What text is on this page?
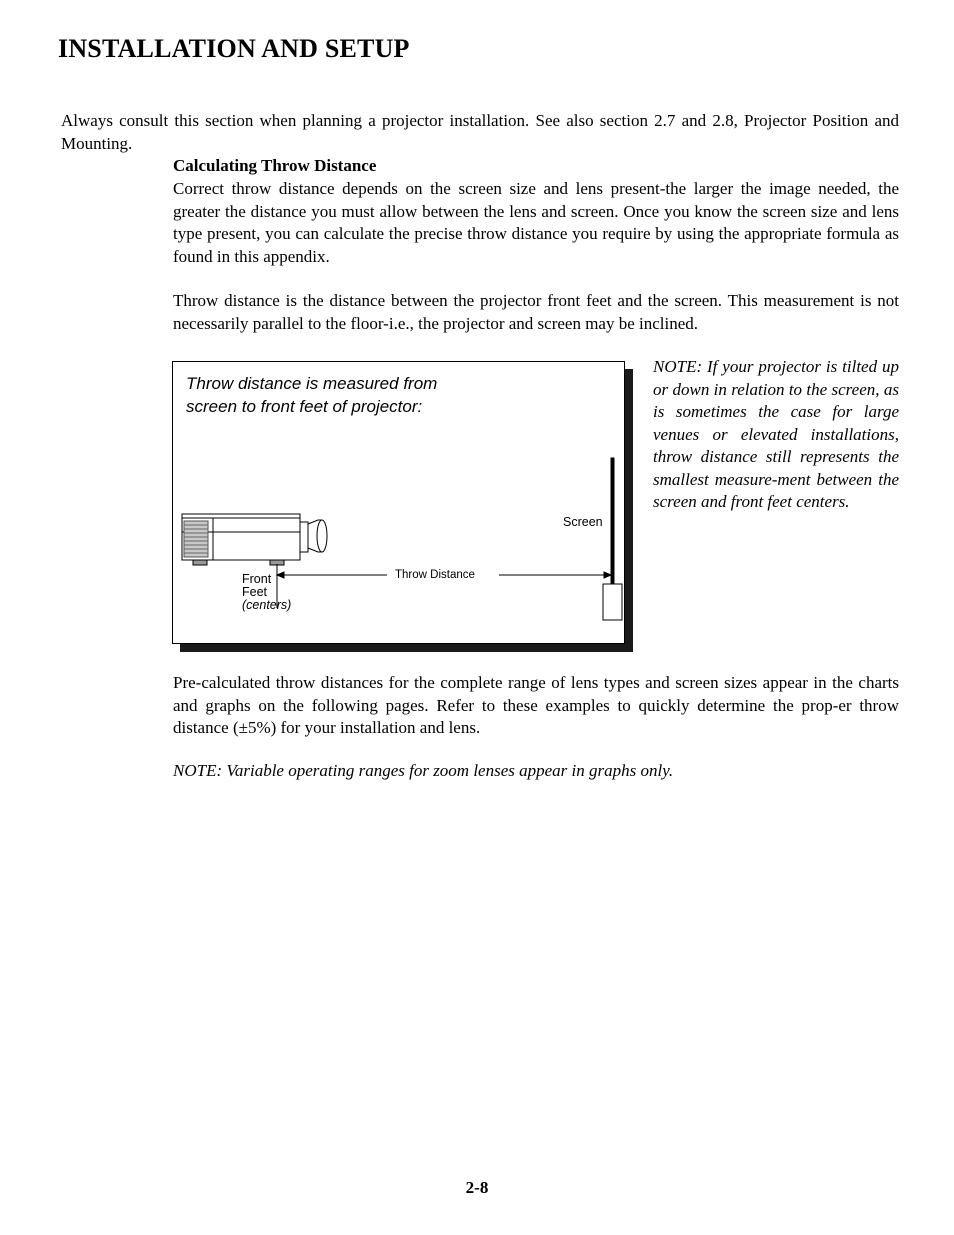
INSTALLATION AND SETUP

Always consult this section when planning a projector installation. See also section 2.7 and 2.8, Projector Position and Mounting.

Calculating Throw Distance

Correct throw distance depends on the screen size and lens present-the larger the image needed, the greater the distance you must allow between the lens and screen. Once you know the screen size and lens type present, you can calculate the precise throw distance you require by using the appropriate formula as found in this appendix.

Throw distance is the distance between the projector front feet and the screen. This measurement is not necessarily parallel to the floor-i.e., the projector and screen may be inclined.

Throw distance is measured from screen to front feet of projector:
Screen
Throw Distance
Front
Feet
(centers)

NOTE: If your projector is tilted up or down in relation to the screen, as is sometimes the case for large venues or elevated installations, throw distance still represents the smallest measure-ment between the screen and front feet centers.

Pre-calculated throw distances for the complete range of lens types and screen sizes appear in the charts and graphs on the following pages. Refer to these examples to quickly determine the prop-er throw distance (±5%) for your installation and lens.

NOTE: Variable operating ranges for zoom lenses appear in graphs only.

2-8
